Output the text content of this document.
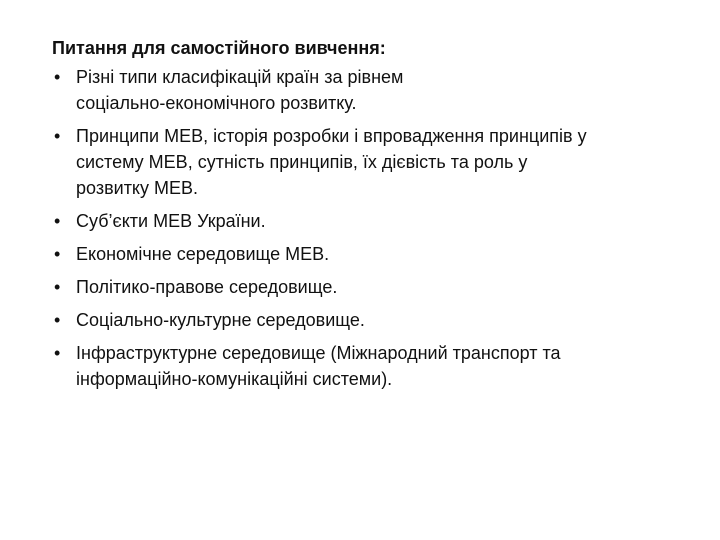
Питання для самостійного вивчення:
• Різні типи класифікацій країн за рівнем
соціально-економічного розвитку.
• Принципи МЕВ, історія розробки і впровадження принципів у
систему МЕВ, сутність принципів, їх дієвість та роль у
розвитку МЕВ.
• Суб’єкти МЕВ України.
• Економічне середовище МЕВ.
• Політико-правове середовище.
• Соціально-культурне середовище.
• Інфраструктурне середовище (Міжнародний транспорт та
інформаційно-комунікаційні системи).
